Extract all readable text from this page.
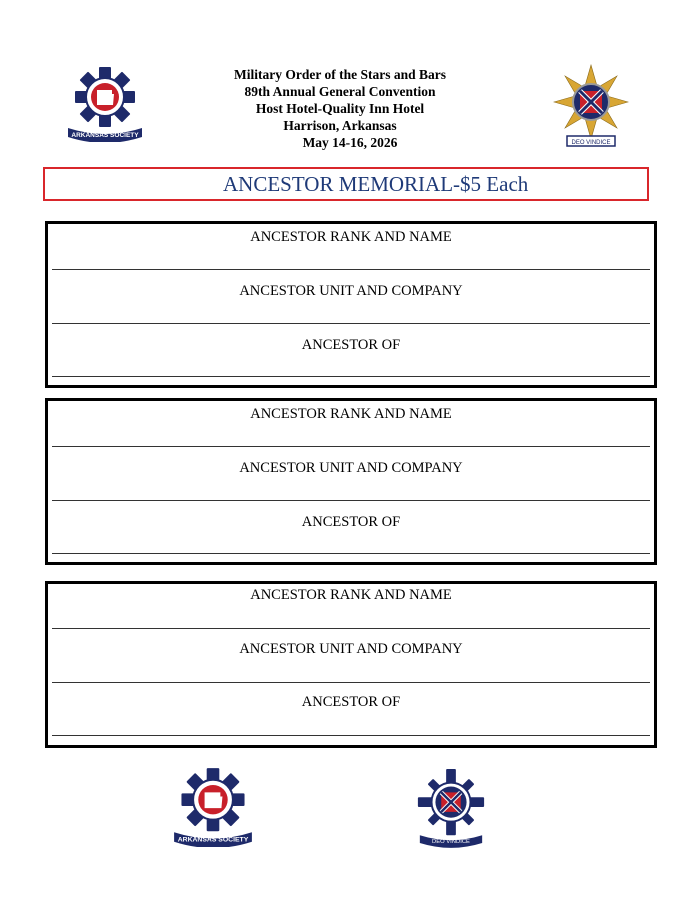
ARKANSAS SOCIETY
DEO VINDICE
Military Order of the Stars and Bars
89th Annual General Convention
Host Hotel-Quality Inn Hotel
Harrison, Arkansas
May 14-16, 2026
ANCESTOR MEMORIAL-$5 Each
ANCESTOR RANK AND NAME
ANCESTOR UNIT AND COMPANY
ANCESTOR OF
ANCESTOR RANK AND NAME
ANCESTOR UNIT AND COMPANY
ANCESTOR OF
ANCESTOR RANK AND NAME
ANCESTOR UNIT AND COMPANY
ANCESTOR OF
ARKANSAS SOCIETY	DEO VINDICE
